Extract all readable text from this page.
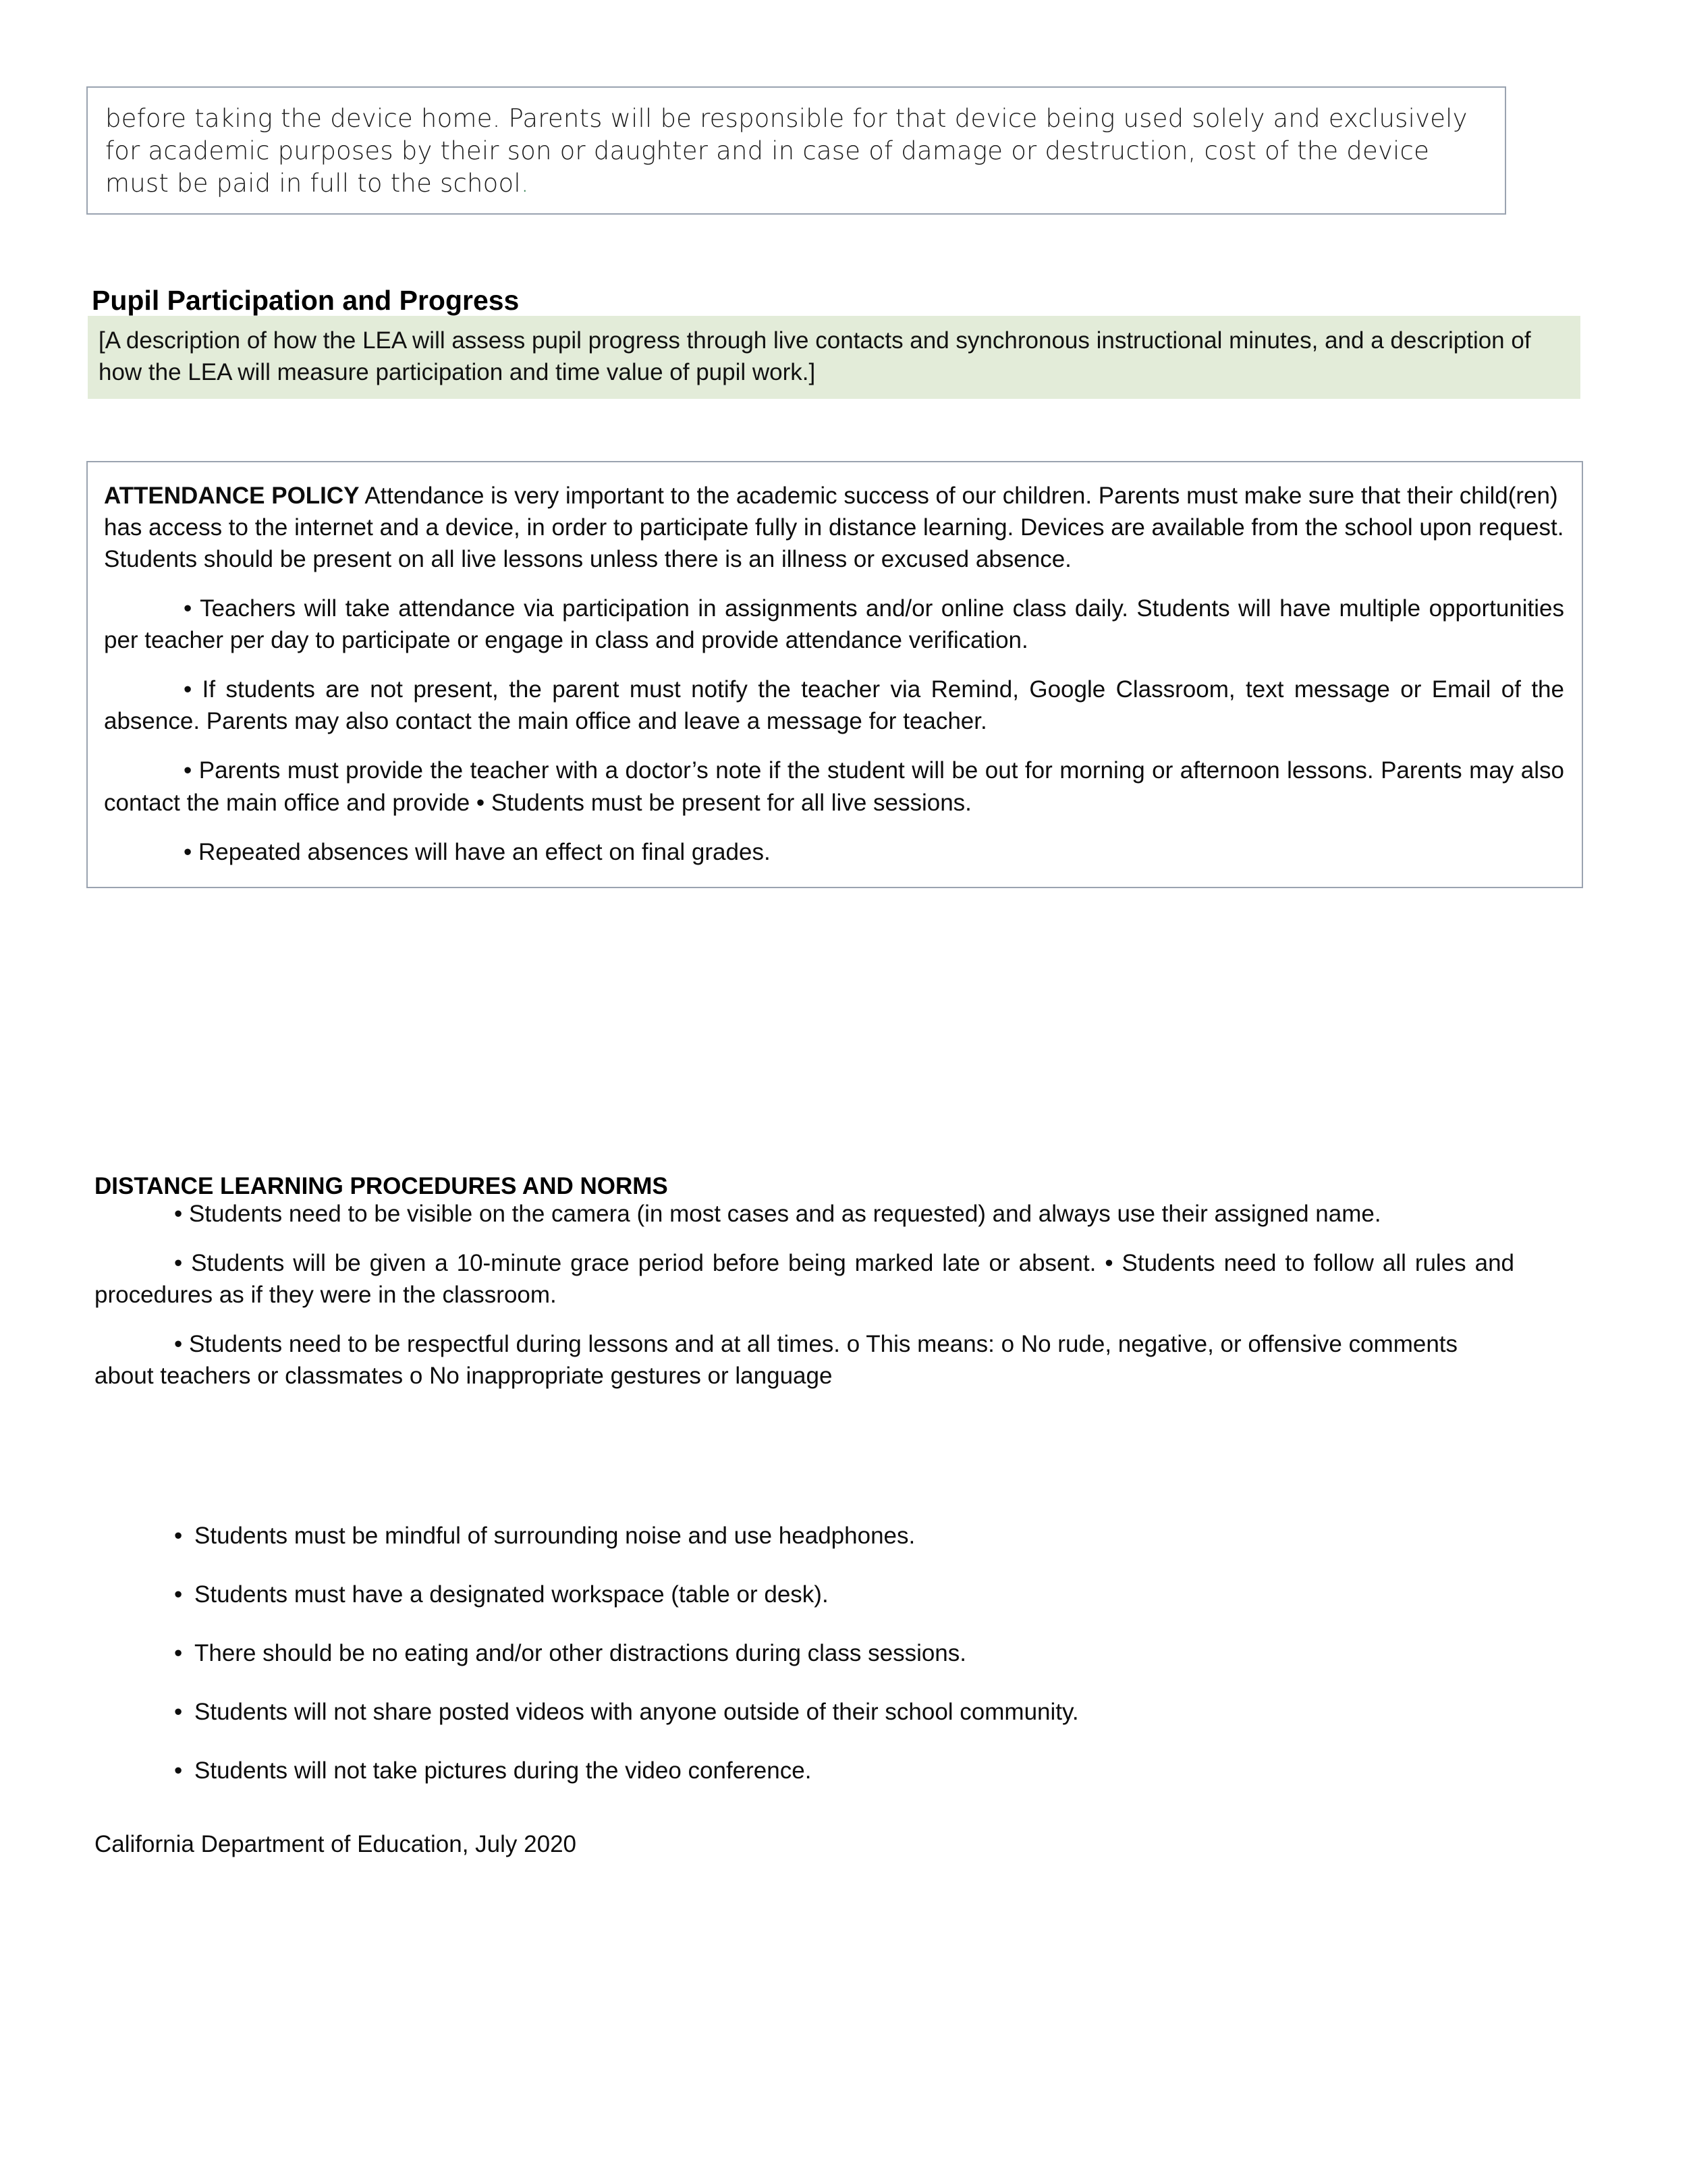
before taking the device home. Parents will be responsible for that device being used solely and exclusively for academic purposes by their son or daughter and in case of damage or destruction, cost of the device must be paid in full to the school.

Pupil Participation and Progress

[A description of how the LEA will assess pupil progress through live contacts and synchronous instructional minutes, and a description of how the LEA will measure participation and time value of pupil work.]

ATTENDANCE POLICY Attendance is very important to the academic success of our children. Parents must make sure that their child(ren) has access to the internet and a device, in order to participate fully in distance learning. Devices are available from the school upon request. Students should be present on all live lessons unless there is an illness or excused absence.

• Teachers will take attendance via participation in assignments and/or online class daily. Students will have multiple opportunities per teacher per day to participate or engage in class and provide attendance verification.

• If students are not present, the parent must notify the teacher via Remind, Google Classroom, text message or Email of the absence. Parents may also contact the main office and leave a message for teacher.

• Parents must provide the teacher with a doctor’s note if the student will be out for morning or afternoon lessons. Parents may also contact the main office and provide • Students must be present for all live sessions.

• Repeated absences will have an effect on final grades.

DISTANCE LEARNING PROCEDURES AND NORMS

• Students need to be visible on the camera (in most cases and as requested) and always use their assigned name.

• Students will be given a 10-minute grace period before being marked late or absent. • Students need to follow all rules and procedures as if they were in the classroom.

• Students need to be respectful during lessons and at all times. o This means: o No rude, negative, or offensive comments about teachers or classmates o No inappropriate gestures or language

• Students must be mindful of surrounding noise and use headphones.
• Students must have a designated workspace (table or desk).
• There should be no eating and/or other distractions during class sessions.
• Students will not share posted videos with anyone outside of their school community.
• Students will not take pictures during the video conference.
California Department of Education, July 2020
